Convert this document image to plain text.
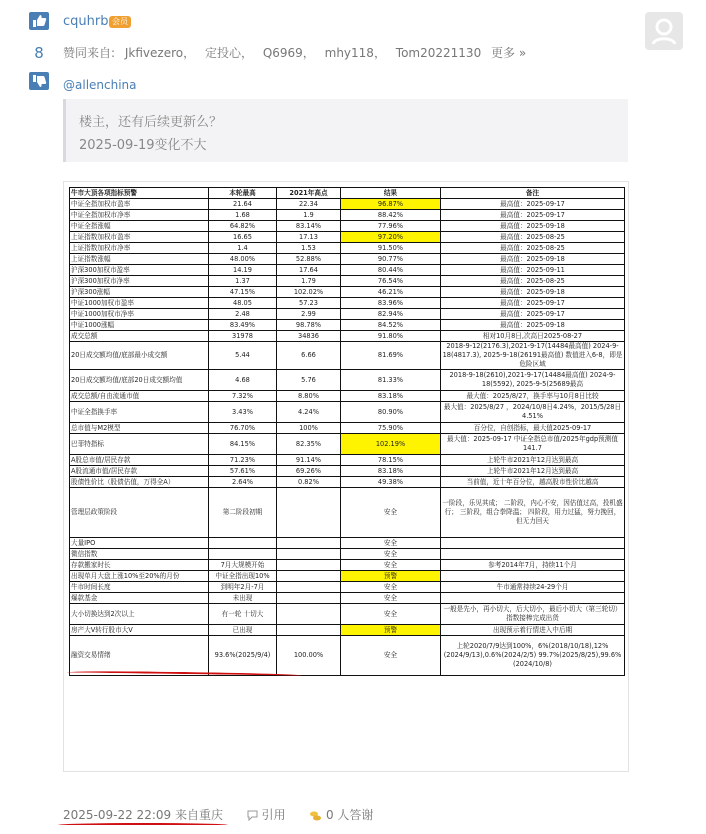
8
cquhrb 会员
赞同来自: Jkfivezero， 定投心， Q6969， mhy118， Tom20221130 更多 »
@allenchina
楼主，还有后续更新么？
2025-09-19变化不大
牛市大顶各项指标预警	本轮最高	2021年高点	结果	备注
中证全指加权市盈率	21.64	22.34	96.87%	最高值：2025-09-17
中证全指加权市净率	1.68	1.9	88.42%	最高值：2025-09-17
中证全指涨幅	64.82%	83.14%	77.96%	最高值：2025-09-18
上证指数加权市盈率	16.65	17.13	97.20%	最高值：2025-08-25
上证指数加权市净率	1.4	1.53	91.50%	最高值：2025-08-25
上证指数涨幅	48.00%	52.88%	90.77%	最高值：2025-09-18
沪深300加权市盈率	14.19	17.64	80.44%	最高值：2025-09-11
沪深300加权市净率	1.37	1.79	76.54%	最高值：2025-08-25
沪深300涨幅	47.15%	102.02%	46.21%	最高值：2025-09-18
中证1000加权市盈率	48.05	57.23	83.96%	最高值：2025-09-17
中证1000加权市净率	2.48	2.99	82.94%	最高值：2025-09-17
中证1000涨幅	83.49%	98.78%	84.52%	最高值：2025-09-18
成交总额	31978	34836	91.80%	相对10月8日,次高日2025-08-27
20日成交额均值/底部最小成交额	5.44	6.66	81.69%	2018-9-12(2176.3),2021-9-17(14484最高值) 2024-9-18(4817.3), 2025-9-18(26191最高值) 数值进入6-8，即是危险区域
20日成交额均值/底部20日成交额均值	4.68	5.76	81.33%	2018-9-18(2610),2021-9-17(14484最高值) 2024-9-18(5592), 2025-9-5(25689最高
成交总额/自由流通市值	7.32%	8.80%	83.18%	最大值：2025/8/27，换手率与10月8日比较
中证全指换手率	3.43%	4.24%	80.90%	最大值：2025/8/27 ，2024/10/8日4.24%，2015/5/28日4.51%
总市值与M2模型	76.70%	100%	75.90%	百分位，自创指标，最大值2025-09-17
巴菲特指标	84.15%	82.35%	102.19%	最大值：2025-09-17 中证全指总市值/2025年gdp预测值141.7
A股总市值/居民存款	71.23%	91.14%	78.15%	上轮牛市2021年12月达到最高
A股流通市值/居民存款	57.61%	69.26%	83.18%	上轮牛市2021年12月达到最高
股债性价比（股债估值，万得全A）	2.64%	0.82%	49.38%	当前值，近十年百分位，越高股市性价比越高
管理层政策阶段	第二阶段初期		安全	一阶段，乐见其成； 二阶段，内心不安，因估值过高，投机盛行； 三阶段，组合拳降温； 四阶段，用力过猛，努力挽回，但无力回天
大量IPO			安全	
微信指数			安全	
存款搬家时长	7月大规模开始		安全	参考2014年7月，持续11个月
出现单月大盘上涨10%至20%的月份	中证全指出现10%		预警	
牛市时间长度	到明年2月-7月		安全	牛市通常持续24-29个月
爆款基金	未出现		安全	
大小切换达到2次以上	有一轮 十切大		安全	一般是先小，再小切大，后大切小，最后小切大（第三轮切）指数接棒完成出货
房产大V转行股市大V	已出现		预警	出现预示着行情进入中后期
融资交易情绪	93.6%(2025/9/4)	100.00%	安全	上轮2020/7/9达到100%，6%(2018/10/18),12%(2024/9/13),0.6%(2024/2/5) 99.7%(2025/8/25),99.6%(2024/10/8)
2025-09-22 22:09 来自重庆	引用	0 人答谢
